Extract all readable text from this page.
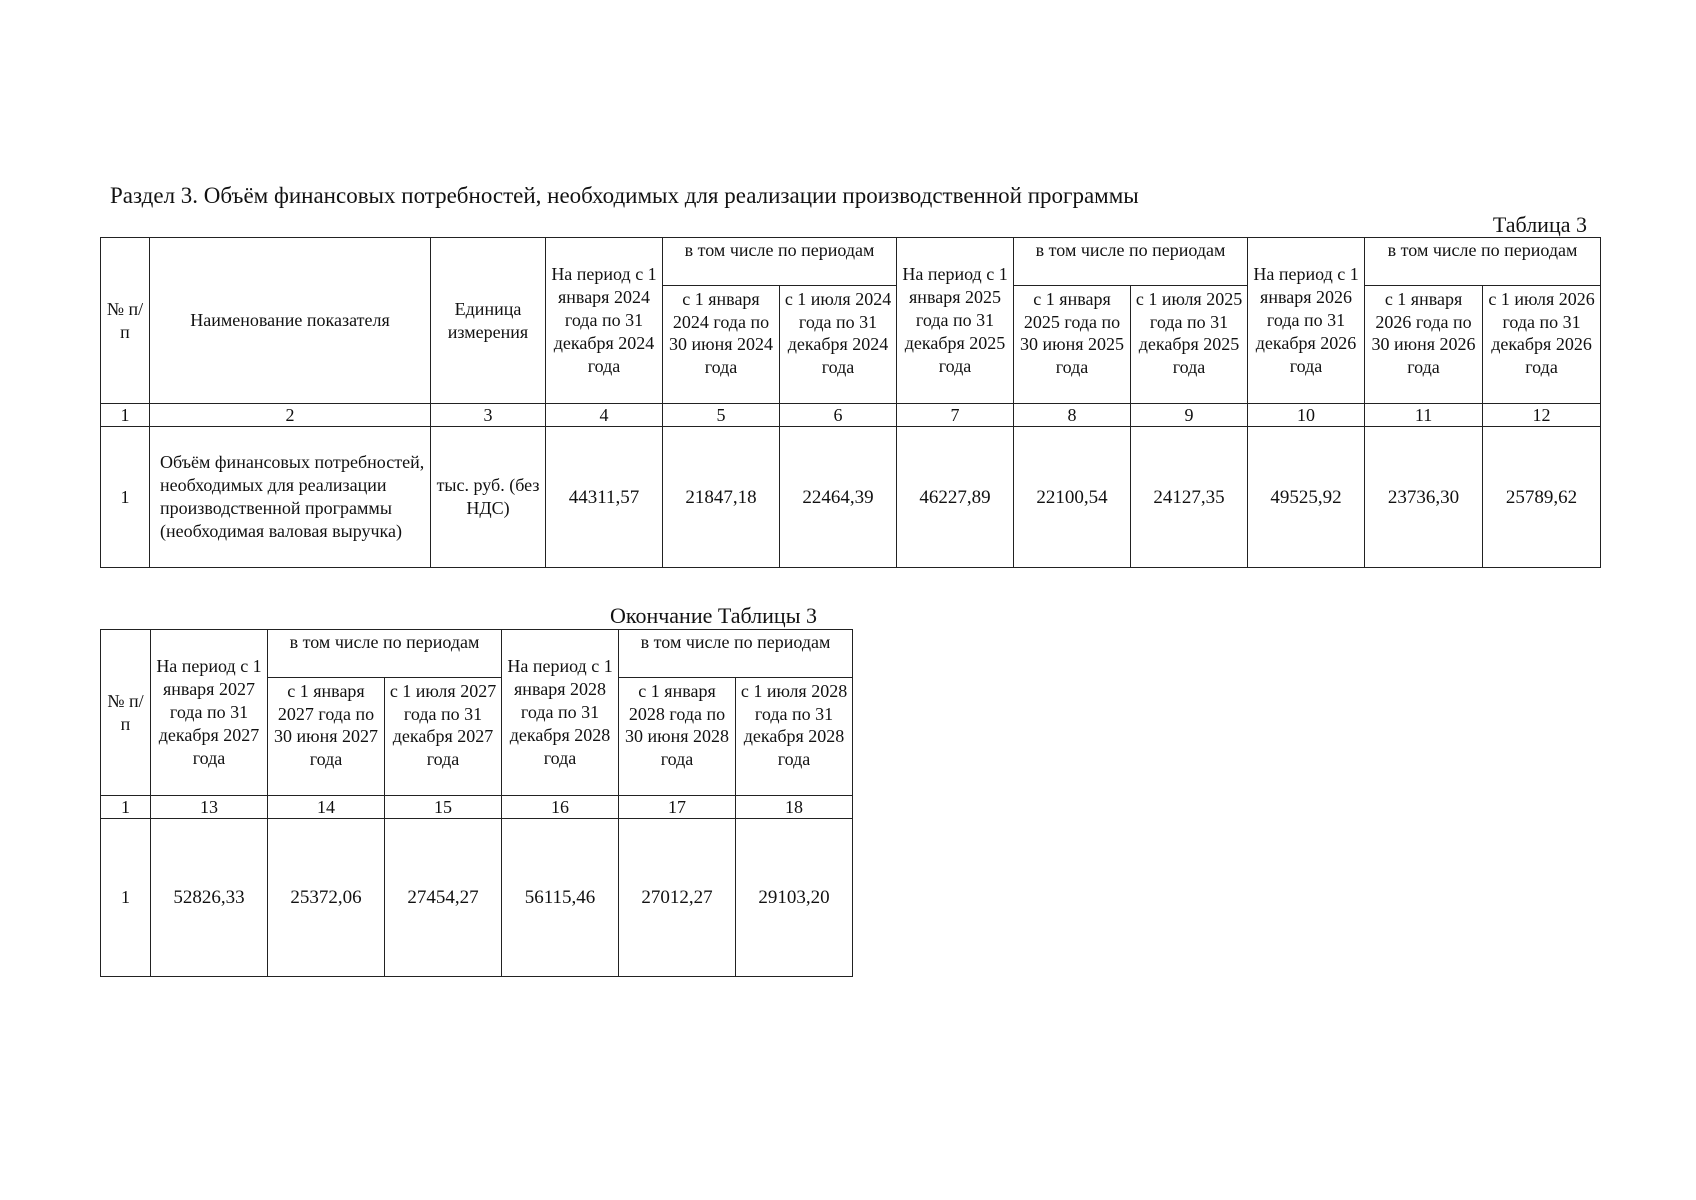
Раздел 3. Объём финансовых потребностей, необходимых для реализации производственной программы
Таблица 3
№ п/п	Наименование показателя	Единица измерения	На период с 1 января 2024 года по 31 декабря 2024 года	в том числе по периодам		На период с 1 января 2025 года по 31 декабря 2025 года	в том числе по периодам		На период с 1 января 2026 года по 31 декабря 2026 года	в том числе по периодам	
				с 1 января 2024 года по 30 июня 2024 года	с 1 июля 2024 года по 31 декабря 2024 года		с 1 января 2025 года по 30 июня 2025 года	с 1 июля 2025 года по 31 декабря 2025 года		с 1 января 2026 года по 30 июня 2026 года	с 1 июля 2026 года по 31 декабря 2026 года
1	2	3	4	5	6	7	8	9	10	11	12
1	Объём финансовых потребностей, необходимых для реализации производственной программы (необходимая валовая выручка)	тыс. руб. (без НДС)	44311,57	21847,18	22464,39	46227,89	22100,54	24127,35	49525,92	23736,30	25789,62
Окончание Таблицы 3
№ п/п	На период с 1 января 2027 года по 31 декабря 2027 года	в том числе по периодам		На период с 1 января 2028 года по 31 декабря 2028 года	в том числе по периодам	
		с 1 января 2027 года по 30 июня 2027 года	с 1 июля 2027 года по 31 декабря 2027 года		с 1 января 2028 года по 30 июня 2028 года	с 1 июля 2028 года по 31 декабря 2028 года
1	13	14	15	16	17	18
1	52826,33	25372,06	27454,27	56115,46	27012,27	29103,20
